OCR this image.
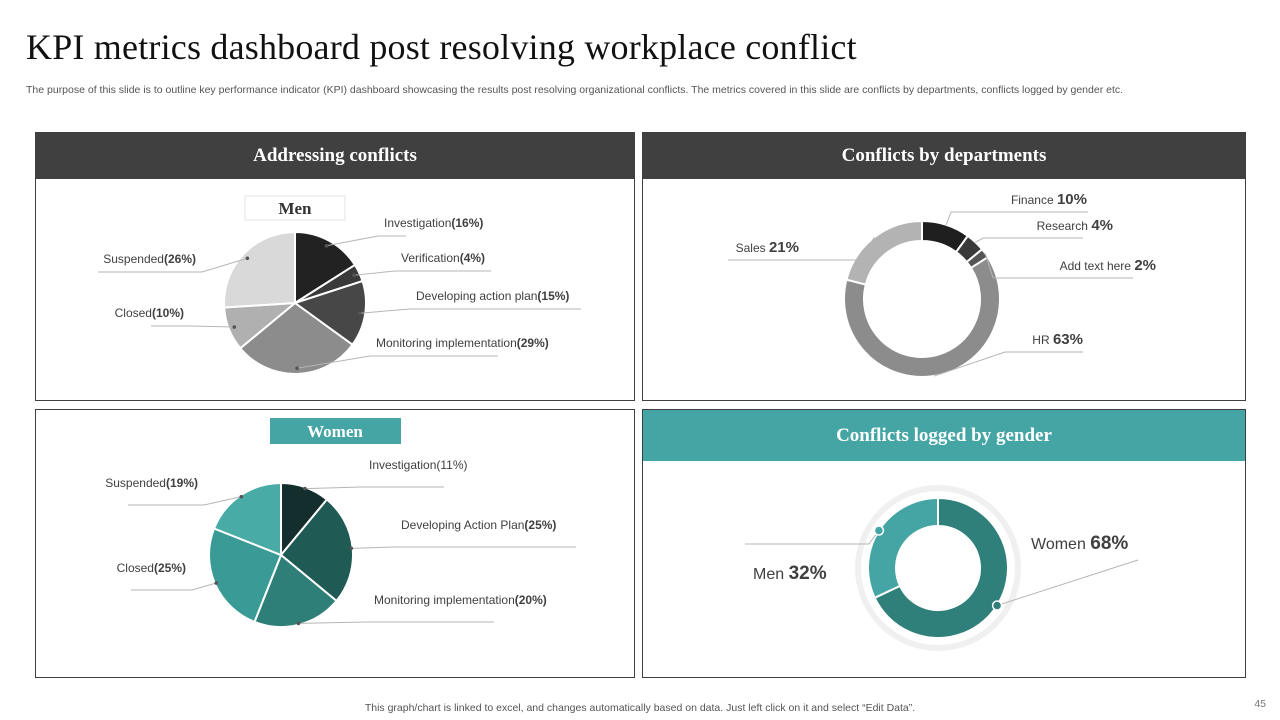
KPI metrics dashboard post resolving workplace conflict
The purpose of this slide is to outline key performance indicator (KPI) dashboard showcasing the results post resolving organizational conflicts. The metrics covered in this slide are conflicts by departments, conflicts logged by gender etc.
Addressing conflicts
Men
Investigation(16%)
Verification(4%)
Developing action plan(15%)
Monitoring implementation(29%)
Closed(10%)
Suspended(26%)
Conflicts by departments
Finance 10%
Research 4%
Add text here 2%
HR 63%
Sales 21%
Women
Investigation(11%)
Developing Action Plan(25%)
Monitoring implementation(20%)
Closed(25%)
Suspended(19%)
Conflicts logged by gender
Women 68%
Men 32%
This graph/chart is linked to excel, and changes automatically based on data. Just left click on it and select “Edit Data”.	45
